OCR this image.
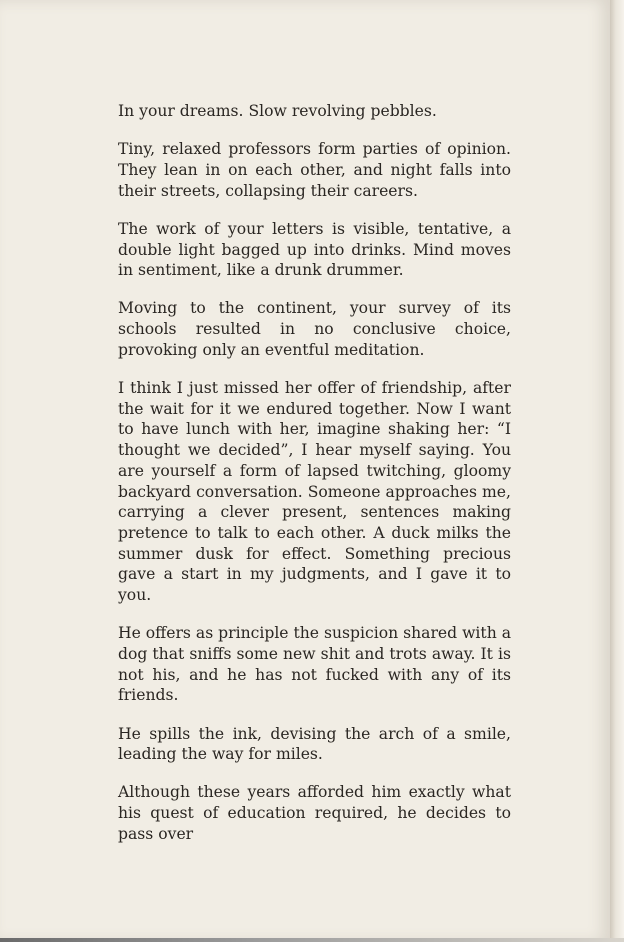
In your dreams. Slow revolving pebbles.

Tiny, relaxed professors form parties of opinion. They lean in on each other, and night falls into their streets, collapsing their careers.

The work of your letters is visible, tentative, a double light bagged up into drinks. Mind moves in sentiment, like a drunk drummer.

Moving to the continent, your survey of its schools resulted in no conclusive choice, provoking only an eventful meditation.

I think I just missed her offer of friendship, after the wait for it we endured together. Now I want to have lunch with her, imagine shaking her: “I thought we decided”, I hear myself saying. You are yourself a form of lapsed twitching, gloomy backyard conversation. Someone approaches me, carrying a clever present, sentences making pretence to talk to each other. A duck milks the summer dusk for effect. Something precious gave a start in my judgments, and I gave it to you.

He offers as principle the suspicion shared with a dog that sniffs some new shit and trots away. It is not his, and he has not fucked with any of its friends.

He spills the ink, devising the arch of a smile, leading the way for miles.

Although these years afforded him exactly what his quest of education required, he decides to pass over
